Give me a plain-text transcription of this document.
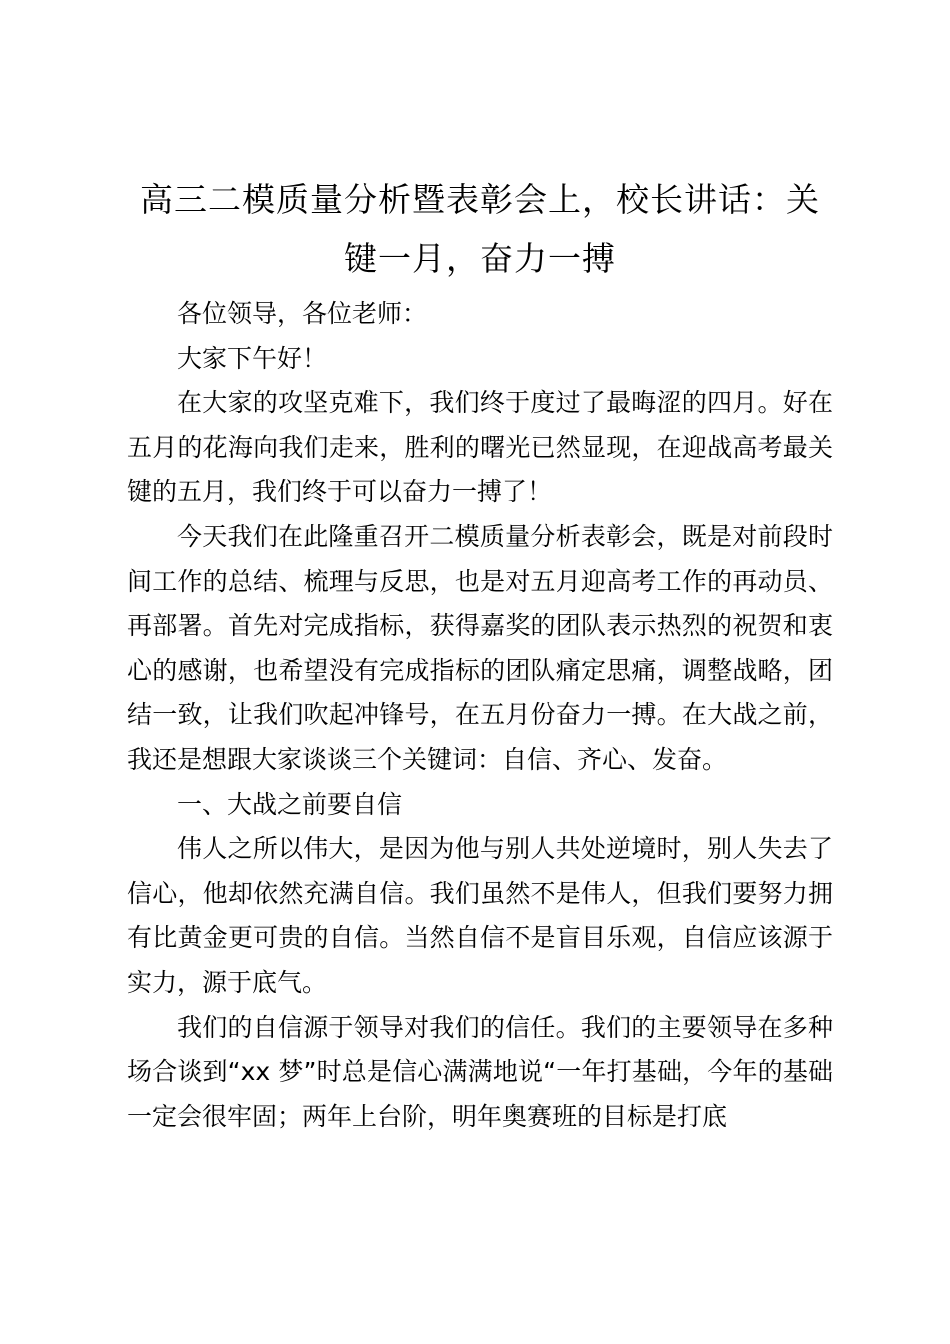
高三二模质量分析暨表彰会上，校长讲话：关键一月，奋力一搏

各位领导，各位老师：

大家下午好！

在大家的攻坚克难下，我们终于度过了最晦涩的四月。好在五月的花海向我们走来，胜利的曙光已然显现，在迎战高考最关键的五月，我们终于可以奋力一搏了！

今天我们在此隆重召开二模质量分析表彰会，既是对前段时间工作的总结、梳理与反思，也是对五月迎高考工作的再动员、再部署。首先对完成指标，获得嘉奖的团队表示热烈的祝贺和衷心的感谢，也希望没有完成指标的团队痛定思痛，调整战略，团结一致，让我们吹起冲锋号，在五月份奋力一搏。在大战之前，我还是想跟大家谈谈三个关键词：自信、齐心、发奋。

一、大战之前要自信

伟人之所以伟大，是因为他与别人共处逆境时，别人失去了信心，他却依然充满自信。我们虽然不是伟人，但我们要努力拥有比黄金更可贵的自信。当然自信不是盲目乐观，自信应该源于实力，源于底气。

我们的自信源于领导对我们的信任。我们的主要领导在多种场合谈到“xx 梦”时总是信心满满地说“一年打基础，今年的基础一定会很牢固；两年上台阶，明年奥赛班的目标是打底
